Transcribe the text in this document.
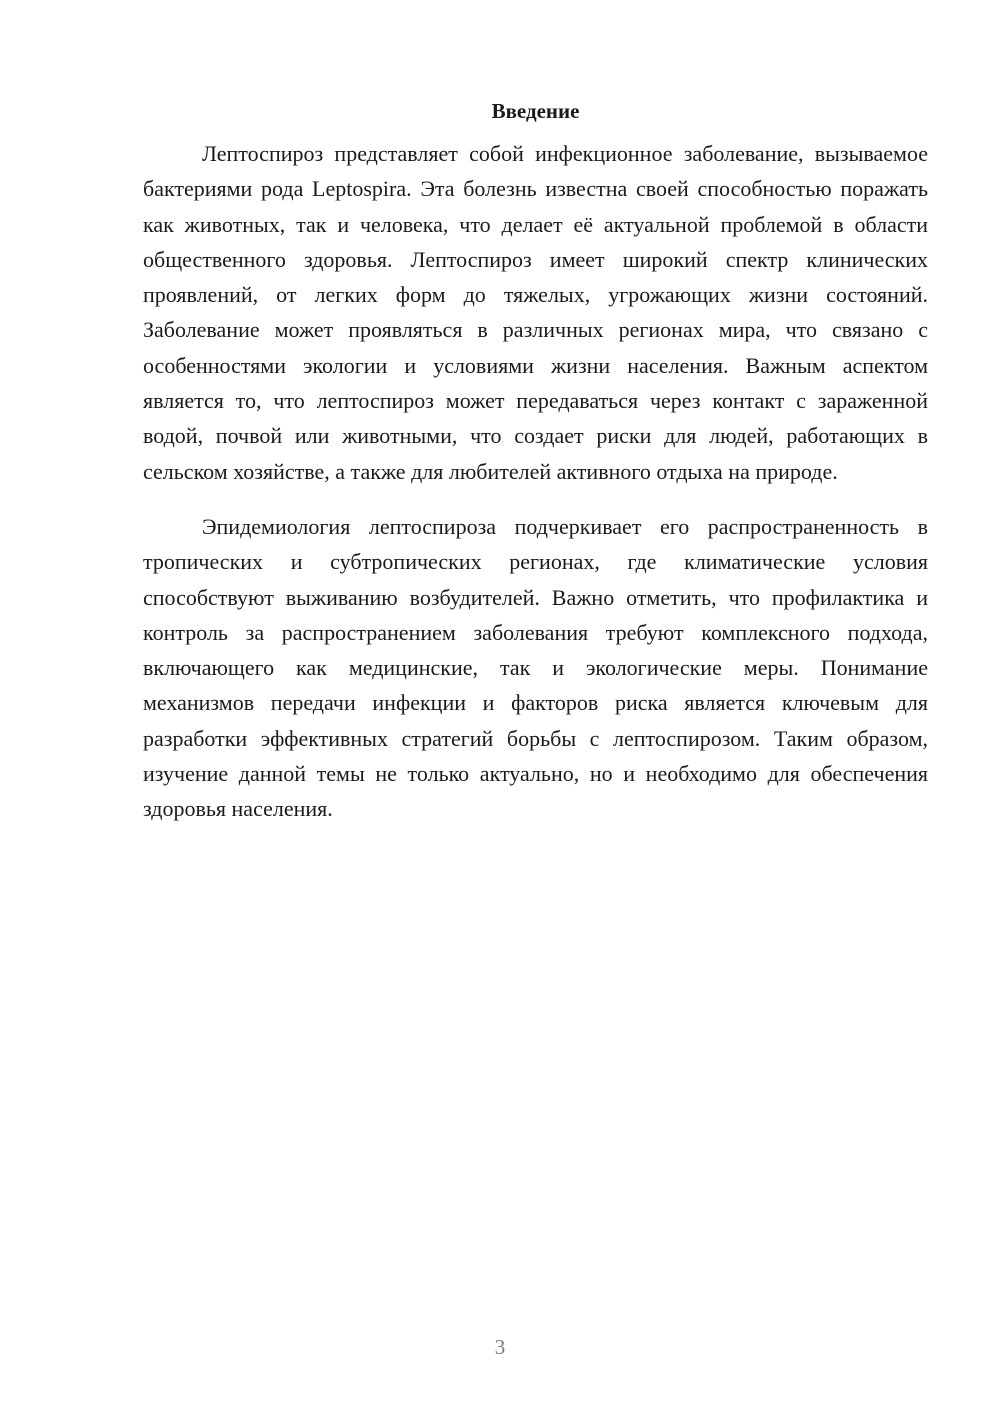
Введение

Лептоспироз представляет собой инфекционное заболевание, вызываемое бактериями рода Leptospira. Эта болезнь известна своей способностью поражать как животных, так и человека, что делает её актуальной проблемой в области общественного здоровья. Лептоспироз имеет широкий спектр клинических проявлений, от легких форм до тяжелых, угрожающих жизни состояний. Заболевание может проявляться в различных регионах мира, что связано с особенностями экологии и условиями жизни населения. Важным аспектом является то, что лептоспироз может передаваться через контакт с зараженной водой, почвой или животными, что создает риски для людей, работающих в сельском хозяйстве, а также для любителей активного отдыха на природе.

Эпидемиология лептоспироза подчеркивает его распространенность в тропических и субтропических регионах, где климатические условия способствуют выживанию возбудителей. Важно отметить, что профилактика и контроль за распространением заболевания требуют комплексного подхода, включающего как медицинские, так и экологические меры. Понимание механизмов передачи инфекции и факторов риска является ключевым для разработки эффективных стратегий борьбы с лептоспирозом. Таким образом, изучение данной темы не только актуально, но и необходимо для обеспечения здоровья населения.

3
